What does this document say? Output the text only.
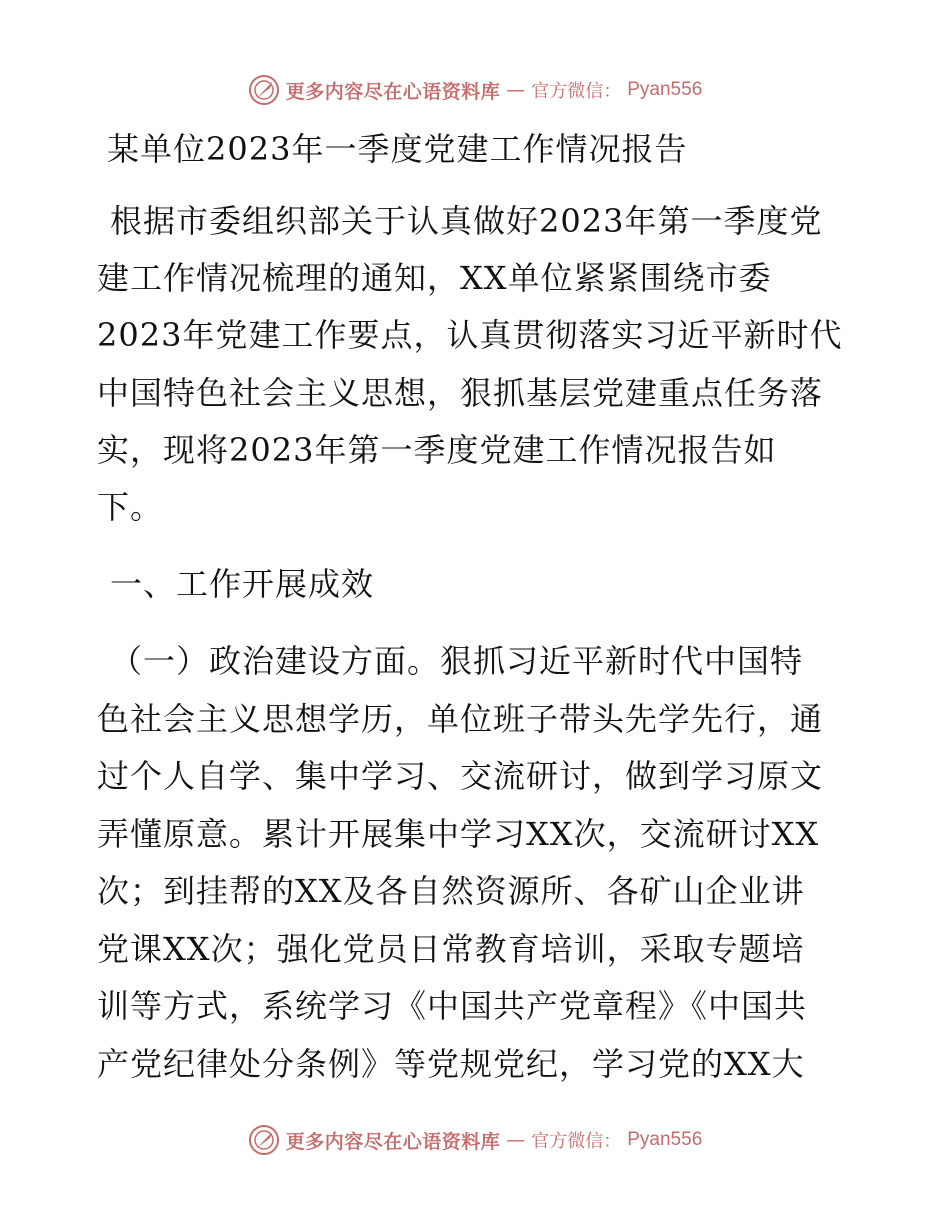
更多内容尽在心语资料库 — 官方微信： Pyan556
某单位2023年一季度党建工作情况报告
根据市委组织部关于认真做好2023年第一季度党
建工作情况梳理的通知，XX单位紧紧围绕市委
2023年党建工作要点，认真贯彻落实习近平新时代
中国特色社会主义思想，狠抓基层党建重点任务落
实，现将2023年第一季度党建工作情况报告如
下。
一、工作开展成效
（一）政治建设方面。狠抓习近平新时代中国特
色社会主义思想学历，单位班子带头先学先行，通
过个人自学、集中学习、交流研讨，做到学习原文
弄懂原意。累计开展集中学习XX次，交流研讨XX
次；到挂帮的XX及各自然资源所、各矿山企业讲
党课XX次；强化党员日常教育培训，采取专题培
训等方式，系统学习《中国共产党章程》《中国共
产党纪律处分条例》等党规党纪，学习党的XX大
更多内容尽在心语资料库 — 官方微信： Pyan556
